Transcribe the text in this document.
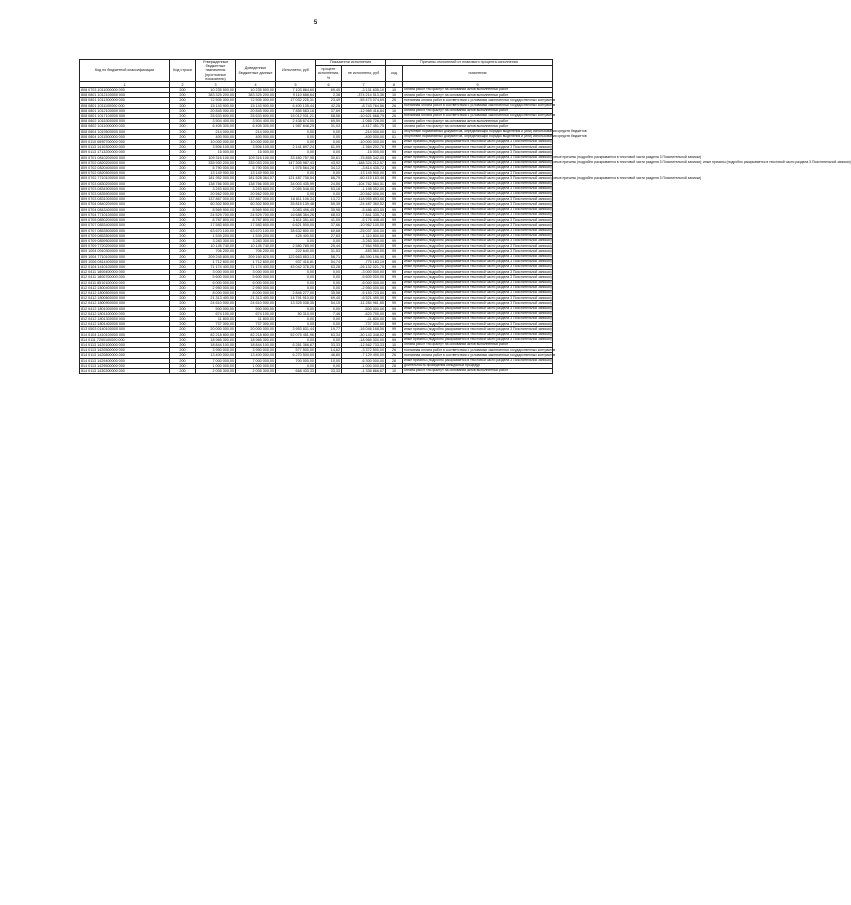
5
Код по бюджетной классификации	Код строки	Утвержденные бюджетные назначения (прогнозные показатели)	Доведенные бюджетные данные	Исполнено, руб	Показатели исполнения		Причины отклонений от планового процента исполнения	
					процент исполнения, %	не исполнено, руб	код	пояснения
1	2	3	4	5	6	7	8	9
808 0703 1011000000 000	200	10 235 500,00	10 235 500,00	7 103 864,60	69,40	-3 131 635,10	10	оплата работ «по факту» на основании актов выполненных работ
808 0801 1012100000 000	200	383 325 200,00	383 325 200,00	9 110 686,64	2,38	-374 214 513,36	10	оплата работ «по факту» на основании актов выполненных работ
808 0801 1011300000 000	200	72 505 300,00	72 505 300,00	17 032 225,31	23,49	-55 473 074,69	26	поэтапная оплата работ в соответствии с условиями заключенных государственных контрактов
808 0801 1011100000 000	200	15 143 900,00	15 143 900,00	6 400 135,44	42,26	-8 743 764,56	26	поэтапная оплата работ в соответствии с условиями заключенных государственных контрактов
808 0801 1012100000 000	200	20 845 000,00	20 845 000,00	7 855 583,16	37,69	-12 989 416,84	10	оплата работ «по факту» на основании актов выполненных работ
808 0801 1017100000 000	200	25 633 600,00	25 633 600,00	15 012 031,21	58,56	-10 621 568,79	26	поэтапная оплата работ в соответствии с условиями заключенных государственных контрактов
808 0802 1015300000 000	200	3 504 400,00	3 504 400,00	2 438 674,00	69,59	-1 065 726,00	10	оплата работ «по факту» на основании актов выполненных работ
808 0802 1011000000 000	200	6 405 300,00	6 405 300,00	1 987 848,25	31,03	-4 417 451,75	10	оплата работ «по факту» на основании актов выполненных работ
808 0804 1019500000 000	200	214 000,00	214 000,00	0,00	0,00	-214 000,00	01	отсутствие нормативных документов, определяющих порядок выделения и (или) использования средств бюджетов
808 0804 1011500000 000	200	400 000,00	400 000,00	0,00	0,00	-400 000,00	01	отсутствие нормативных документов, определяющих порядок выделения и (или) использования средств бюджетов
809 0110 0690700000 000	200	10 000 000,00	10 000 000,00	0,00	0,00	-10 000 000,00	99	иные причины (подробно раскрывается в текстовой части раздела 3 Пояснительной записки)
809 0113 1410300000 000	200	3 506 100,00	3 506 100,00	2 141 897,24	61,09	-1 364 202,76	99	иные причины (подробно раскрывается в текстовой части раздела 3 Пояснительной записки)
809 0113 1713200000 000	200	15 000,00	15 000,00	0,00	0,00	-15 000,00	99	иные причины (подробно раскрывается в текстовой части раздела 3 Пояснительной записки)
809 0701 0810200000 000	200	109 316 100,00	109 316 100,00	33 460 757,95	30,61	-75 855 342,05	99	иные причины (подробно раскрывается в текстовой части раздела 3 Пояснительной записки); иные причины (подробно раскрывается в текстовой части раздела 3 Пояснительной записки)
809 0702 0820200000 000	200	335 930 200,00	335 053 200,00	147 305 987,43	43,92	-188 324 212,57	99	иные причины (подробно раскрывается в текстовой части раздела 3 Пояснительной записки); иные причины (подробно раскрывается в текстовой части раздела 3 Пояснительной записки); иные причины (подробно раскрывается в текстовой части раздела 3 Пояснительной записки)
809 0702 0820400000 000	200	5 790 000,00	5 790 000,00	1 975 564,28	34,12	-3 814 435,72	99	иные причины (подробно раскрывается в текстовой части раздела 3 Пояснительной записки)
809 0702 0820500000 000	200	13 149 900,00	13 149 900,00	0,00	0,00	-13 149 900,00	99	иные причины (подробно раскрывается в текстовой части раздела 3 Пояснительной записки)
809 0702 7710100000 000	200	181 952 000,00	181 528 364,57	121 487 736,54	66,79	-60 415 163,46	99	иные причины (подробно раскрывается в текстовой части раздела 3 Пояснительной записки); иные причины (подробно раскрывается в текстовой части раздела 3 Пояснительной записки)
809 0703 0830200000 000	200	138 766 000,00	138 766 000,00	34 003 435,99	24,50	-104 762 564,01	99	иные причины (подробно раскрывается в текстовой части раздела 3 Пояснительной записки)
809 0703 0834900000 000	200	3 253 600,00	3 253 600,00	2 055 548,00	63,18	-1 198 052,00	99	иные причины (подробно раскрывается в текстовой части раздела 3 Пояснительной записки)
809 0703 0835900000 000	200	20 562 000,00	20 562 000,00	0,00	0,00	-20 562 000,00	99	иные причины (подробно раскрывается в текстовой части раздела 3 Пояснительной записки)
809 0703 0831000000 000	200	137 867 000,00	137 867 000,00	18 811 106,34	13,72	-118 955 893,66	99	иные причины (подробно раскрывается в текстовой части раздела 3 Пояснительной записки)
809 0704 0840200000 000	200	60 302 500,00	60 302 500,00	35 815 139,48	59,39	-24 487 360,52	99	иные причины (подробно раскрывается в текстовой части раздела 3 Пояснительной записки)
809 0704 0843400000 000	200	8 569 900,00	8 569 900,00	3 083 496,45	35,98	-5 486 403,55	99	иные причины (подробно раскрывается в текстовой части раздела 3 Пояснительной записки)
809 0704 7710100000 000	200	24 529 700,00	24 529 700,00	16 688 364,26	68,03	-7 841 335,74	99	иные причины (подробно раскрывается в текстовой части раздела 3 Пояснительной записки)
809 0705 0850200000 000	200	8 787 800,00	8 787 800,00	3 611 351,60	41,09	-5 176 448,40	99	иные причины (подробно раскрывается в текстовой части раздела 3 Пояснительной записки)
809 0707 0853400000 000	200	17 583 600,00	17 583 600,00	6 621 500,00	37,66	-10 962 100,00	99	иные причины (подробно раскрывается в текстовой части раздела 3 Пояснительной записки)
809 0707 0853500000 000	200	63 670 100,00	63 670 100,00	38 632 800,00	60,68	-25 037 300,00	99	иные причины (подробно раскрывается в текстовой части раздела 3 Пояснительной записки)
809 0709 0853500000 000	200	1 539 200,00	1 539 200,00	428 400,00	27,83	-1 110 800,00	99	иные причины (подробно раскрывается в текстовой части раздела 3 Пояснительной записки)
809 0709 0859500000 000	200	3 283 300,00	3 283 300,00	0,00	0,00	-3 283 300,00	99	иные причины (подробно раскрывается в текстовой части раздела 3 Пояснительной записки)
809 0709 7720200000 000	200	10 145 740,00	10 145 740,00	2 580 785,00	25,44	-7 564 955,00	99	иные причины (подробно раскрывается в текстовой части раздела 3 Пояснительной записки)
809 1004 0910300000 000	200	706 200,00	706 200,00	222 640,00	31,53	-483 560,00	99	иные причины (подробно раскрывается в текстовой части раздела 3 Пояснительной записки)
809 1004 7710100000 000	200	209 245 800,00	209 160 820,00	122 663 853,13	58,71	-86 390 196,90	99	иные причины (подробно раскрывается в текстовой части раздела 3 Пояснительной записки)
809 1006 0814400000 000	200	1 712 600,00	1 712 600,00	937 416,81	54,74	-775 183,19	99	иные причины (подробно раскрывается в текстовой части раздела 3 Пояснительной записки)
812 0104 1410100000 000	200	71 174 400,00	71 174 400,00	45 042 378,25	63,28	-26 132 021,75	99	иные причины (подробно раскрывается в текстовой части раздела 3 Пояснительной записки)
812 0411 1800400000 000	200	3 000 000,00	3 000 000,00	0,00	0,00	-3 000 000,00	99	иные причины (подробно раскрывается в текстовой части раздела 3 Пояснительной записки)
812 0411 1800700000 000	200	5 600 000,00	5 600 000,00	0,00	0,00	-5 600 000,00	99	иные причины (подробно раскрывается в текстовой части раздела 3 Пояснительной записки)
812 0411 8510100000 000	200	6 000 000,00	6 000 000,00	0,00	0,00	-6 000 000,00	99	иные причины (подробно раскрывается в текстовой части раздела 3 Пояснительной записки)
812 0412 1800400000 000	200	2 950 000,00	2 950 000,00	0,00	0,00	-2 950 000,00	99	иные причины (подробно раскрывается в текстовой части раздела 3 Пояснительной записки)
812 0412 1800500000 000	200	8 000 000,00	8 000 000,00	2 846 277,00	35,58	-5 153 723,00	99	иные причины (подробно раскрывается в текстовой части раздела 3 Пояснительной записки)
812 0412 1800600000 000	200	21 313 400,00	21 313 400,00	14 791 910,00	69,40	-6 521 490,00	99	иные причины (подробно раскрывается в текстовой части раздела 3 Пояснительной записки)
812 0412 1800900000 000	200	24 610 000,00	24 610 000,00	13 325 038,35	54,15	-11 284 961,65	99	иные причины (подробно раскрывается в текстовой части раздела 3 Пояснительной записки)
812 0412 1801000000 000	200	500 000,00	500 000,00	0,00	0,00	-500 000,00	99	иные причины (подробно раскрывается в текстовой части раздела 3 Пояснительной записки)
812 0412 1801100000 000	200	674 100,00	674 100,00	50 310,00	7,46	-623 790,00	99	иные причины (подробно раскрывается в текстовой части раздела 3 Пояснительной записки)
812 0412 1801300000 000	200	11 800,00	11 800,00	0,00	0,00	-11 800,00	99	иные причины (подробно раскрывается в текстовой части раздела 3 Пояснительной записки)
812 0412 1801400000 000	200	737 300,00	737 300,00	0,00	0,00	-737 300,00	99	иные причины (подробно раскрывается в текстовой части раздела 3 Пояснительной записки)
813 0503 0140100000 000	200	20 000 000,00	20 000 000,00	3 953 831,44	19,77	-16 046 168,56	99	иные причины (подробно раскрывается в текстовой части раздела 3 Пояснительной записки)
814 0104 1410100000 000	200	82 218 800,00	82 218 800,00	52 075 451,96	63,34	-30 143 348,02	99	иные причины (подробно раскрывается в текстовой части раздела 3 Пояснительной записки)
814 0111 7200100000 000	200	18 965 300,00	18 965 300,00	0,00	0,00	-18 965 300,00	99	иные причины (подробно раскрывается в текстовой части раздела 3 Пояснительной записки)
814 0113 1420100000 000	200	18 844 100,00	18 844 100,00	6 281 366,67	33,33	-12 562 733,33	10	оплата работ «по факту» на основании актов выполненных работ
814 0113 1420500000 000	200	3 950 000,00	3 950 000,00	577 500,00	14,62	-3 372 500,00	26	поэтапная оплата работ в соответствии с условиями заключенных государственных контрактов
814 0113 1420800000 000	200	13 400 000,00	13 400 000,00	6 270 500,00	46,80	-7 129 490,00	26	поэтапная оплата работ в соответствии с условиями заключенных государственных контрактов
814 0113 1429400000 000	200	7 000 000,00	7 000 000,00	700 000,00	10,00	-6 300 000,00	28	иные причины (подробно раскрывается в текстовой части раздела 3 Пояснительной записки)
814 0113 1429500000 000	200	1 000 000,00	1 000 000,00	0,00	0,00	-1 000 000,00	28	длительность проведения конкурсных процедур
814 0113 1430200000 000	200	2 005 300,00	2 005 300,00	668 433,33	33,33	-1 336 866,67	10	оплата работ «по факту» на основании актов выполненных работ
